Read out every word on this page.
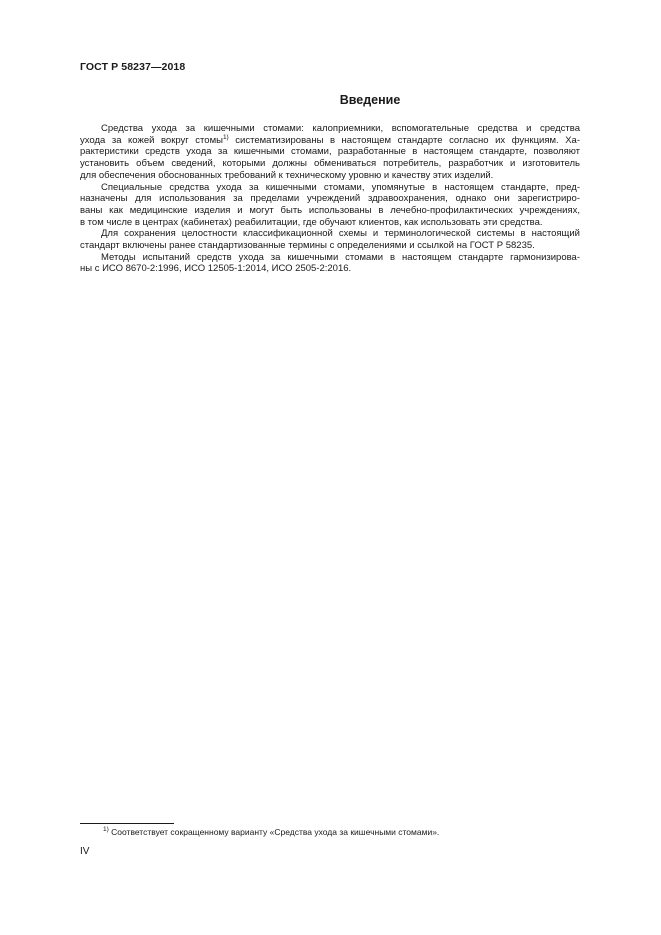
ГОСТ Р 58237—2018
Введение

Средства ухода за кишечными стомами: калоприемники, вспомогательные средства и средства
ухода за кожей вокруг стомы$^{1)}$ систематизированы в настоящем стандарте согласно их функциям. Ха-
рактеристики средств ухода за кишечными стомами, разработанные в настоящем стандарте, позволяют
установить объем сведений, которыми должны обмениваться потребитель, разработчик и изготовитель
для обеспечения обоснованных требований к техническому уровню и качеству этих изделий.

Специальные средства ухода за кишечными стомами, упомянутые в настоящем стандарте, пред-
назначены для использования за пределами учреждений здравоохранения, однако они зарегистриро-
ваны как медицинские изделия и могут быть использованы в лечебно-профилактических учреждениях,
в том числе в центрах (кабинетах) реабилитации, где обучают клиентов, как использовать эти средства.

Для сохранения целостности классификационной схемы и терминологической системы в настоящий
стандарт включены ранее стандартизованные термины с определениями и ссылкой на ГОСТ Р 58235.

Методы испытаний средств ухода за кишечными стомами в настоящем стандарте гармонизирова-
ны с ИСО 8670-2:1996, ИСО 12505-1:2014, ИСО 2505-2:2016.

$^{1)}$ Соответствует сокращенному варианту «Средства ухода за кишечными стомами».
IV
